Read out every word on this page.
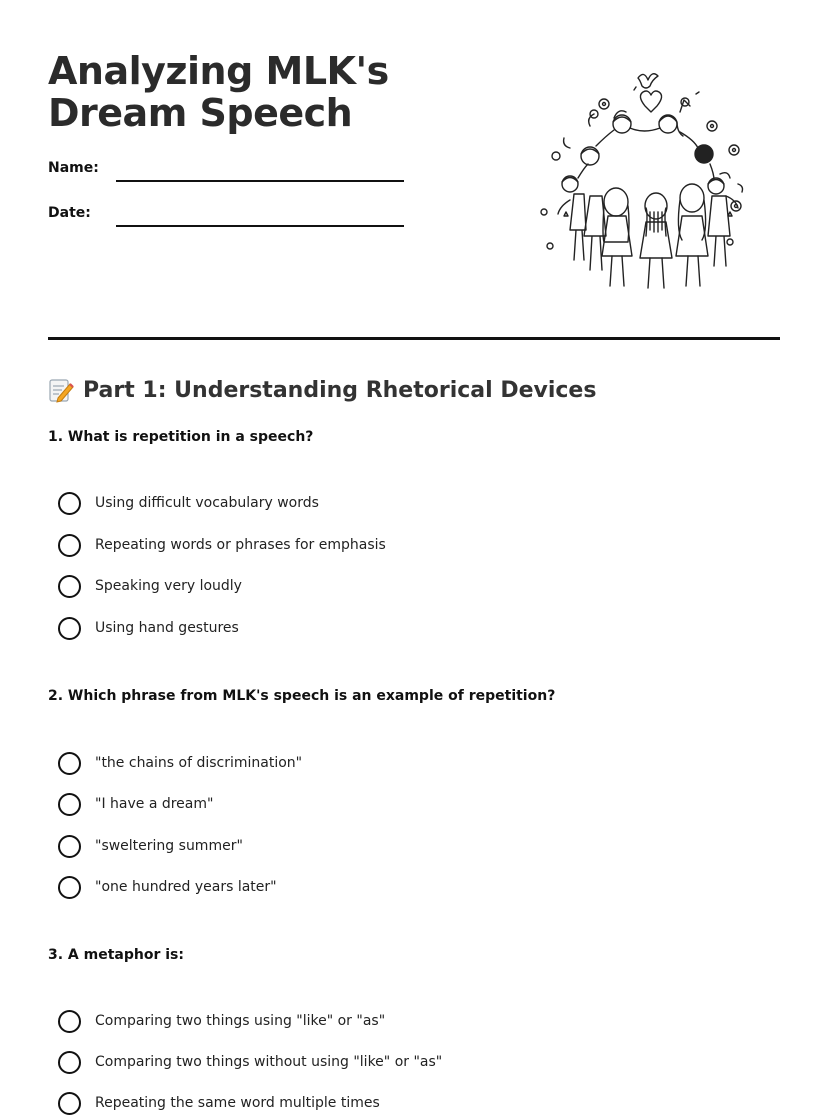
Analyzing MLK's Dream Speech
Name:
Date:
Part 1: Understanding Rhetorical Devices
1. What is repetition in a speech?
Using difficult vocabulary words
Repeating words or phrases for emphasis
Speaking very loudly
Using hand gestures
2. Which phrase from MLK's speech is an example of repetition?
"the chains of discrimination"
"I have a dream"
"sweltering summer"
"one hundred years later"
3. A metaphor is:
Comparing two things using "like" or "as"
Comparing two things without using "like" or "as"
Repeating the same word multiple times
